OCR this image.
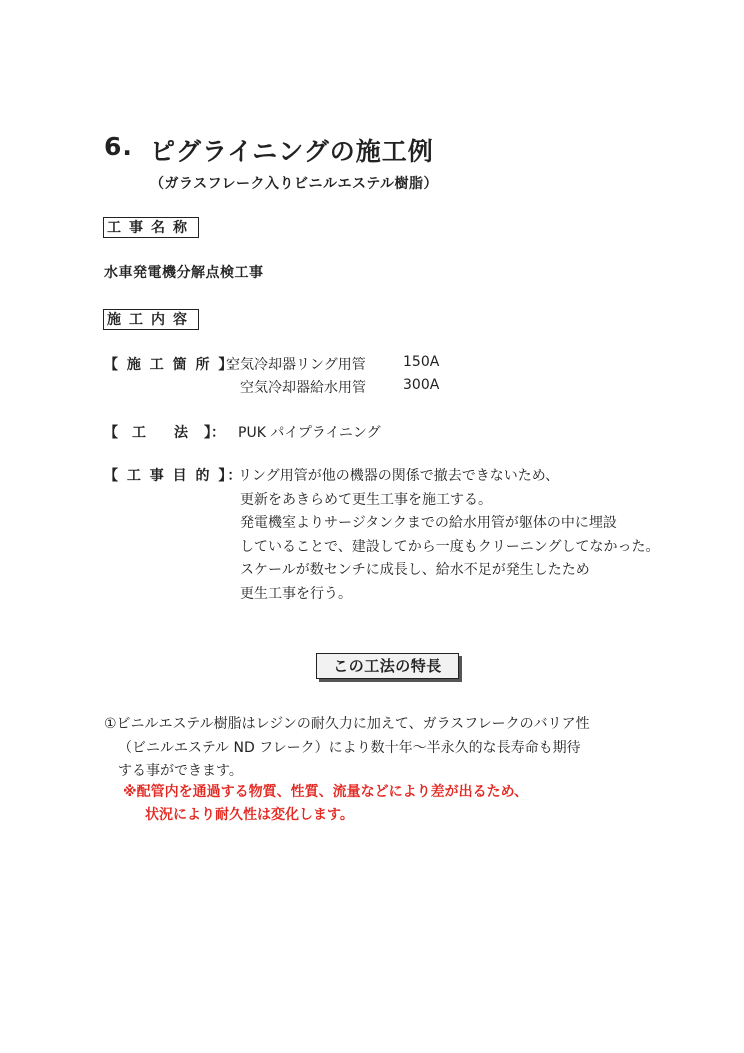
6. ピグライニングの施工例
（ガラスフレーク入りビニルエステル樹脂）
工事名称
水車発電機分解点検工事
施工内容
【 施 工 箇 所 】：
空気冷却器リング用管	150A
空気冷却器給水用管	300A
【 工 法 】： PUK パイプライニング
【 工 事 目 的 】：
リング用管が他の機器の関係で撤去できないため、
更新をあきらめて更生工事を施工する。
発電機室よりサージタンクまでの給水用管が躯体の中に埋設
していることで、建設してから一度もクリーニングしてなかった。
スケールが数センチに成長し、給水不足が発生したため
更生工事を行う。
この工法の特長
①ビニルエステル樹脂はレジンの耐久力に加えて、ガラスフレークのバリア性
（ビニルエステル ND フレーク）により数十年～半永久的な長寿命も期待
する事ができます。
※配管内を通過する物質、性質、流量などにより差が出るため、
状況により耐久性は変化します。
